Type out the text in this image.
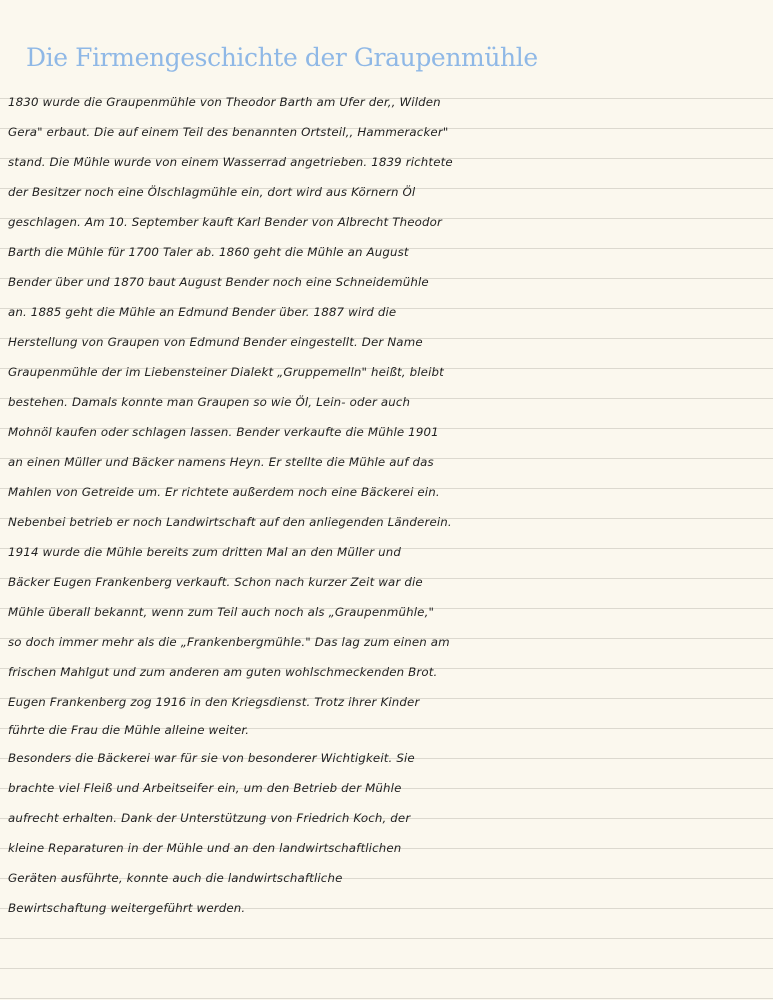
Die Firmengeschichte der Graupenmühle
1830 wurde die Graupenmühle von Theodor Barth am Ufer der,, Wilden
Gera" erbaut. Die auf einem Teil des benannten Ortsteil,, Hammeracker"
stand. Die Mühle wurde von einem Wasserrad angetrieben. 1839 richtete
der Besitzer noch eine Ölschlagmühle ein, dort wird aus Körnern Öl
geschlagen. Am 10. September kauft Karl Bender von Albrecht Theodor
Barth die Mühle für 1700 Taler ab. 1860 geht die Mühle an August
Bender über und 1870 baut August Bender noch eine Schneidemühle
an. 1885 geht die Mühle an Edmund Bender über. 1887 wird die
Herstellung von Graupen von Edmund Bender eingestellt. Der Name
Graupenmühle der im Liebensteiner Dialekt „Gruppemelln" heißt, bleibt
bestehen. Damals konnte man Graupen so wie Öl, Lein- oder auch
Mohnöl kaufen oder schlagen lassen. Bender verkaufte die Mühle 1901
an einen Müller und Bäcker namens Heyn. Er stellte die Mühle auf das
Mahlen von Getreide um. Er richtete außerdem noch eine Bäckerei ein.
Nebenbei betrieb er noch Landwirtschaft auf den anliegenden Länderein.
1914 wurde die Mühle bereits zum dritten Mal an den Müller und
Bäcker Eugen Frankenberg verkauft. Schon nach kurzer Zeit war die
Mühle überall bekannt, wenn zum Teil auch noch als „Graupenmühle,"
so doch immer mehr als die „Frankenbergmühle." Das lag zum einen am
frischen Mahlgut und zum anderen am guten wohlschmeckenden Brot.
Eugen Frankenberg zog 1916 in den Kriegsdienst. Trotz ihrer Kinder
führte die Frau die Mühle alleine weiter.
Besonders die Bäckerei war für sie von besonderer Wichtigkeit. Sie
brachte viel Fleiß und Arbeitseifer ein, um den Betrieb der Mühle
aufrecht erhalten. Dank der Unterstützung von Friedrich Koch, der
kleine Reparaturen in der Mühle und an den landwirtschaftlichen
Geräten ausführte, konnte auch die landwirtschaftliche
Bewirtschaftung weitergeführt werden.
